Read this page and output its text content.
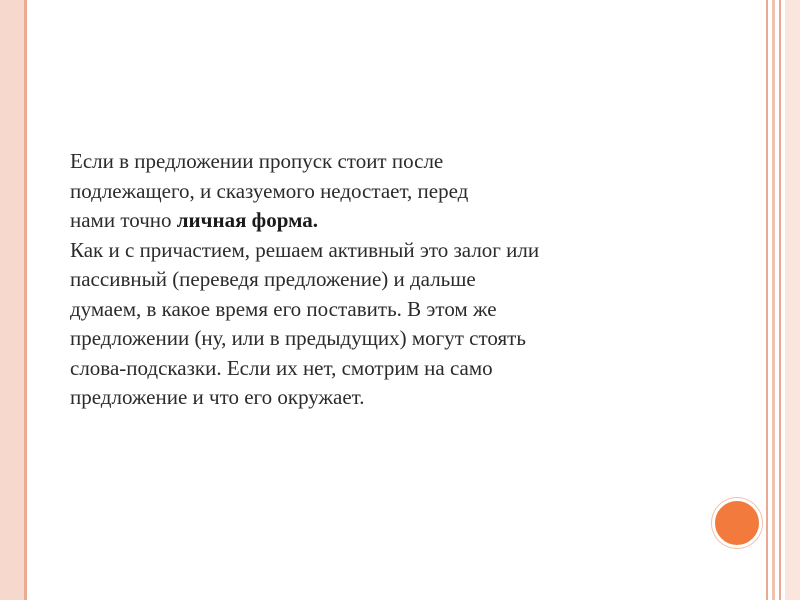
Если в предложении пропуск стоит после
подлежащего, и сказуемого недостает, перед
нами точно личная форма.
Как и с причастием, решаем активный это залог или
пассивный (переведя предложение) и дальше
думаем, в какое время его поставить. В этом же
предложении (ну, или в предыдущих) могут стоять
слова-подсказки. Если их нет, смотрим на само
предложение и что его окружает.
